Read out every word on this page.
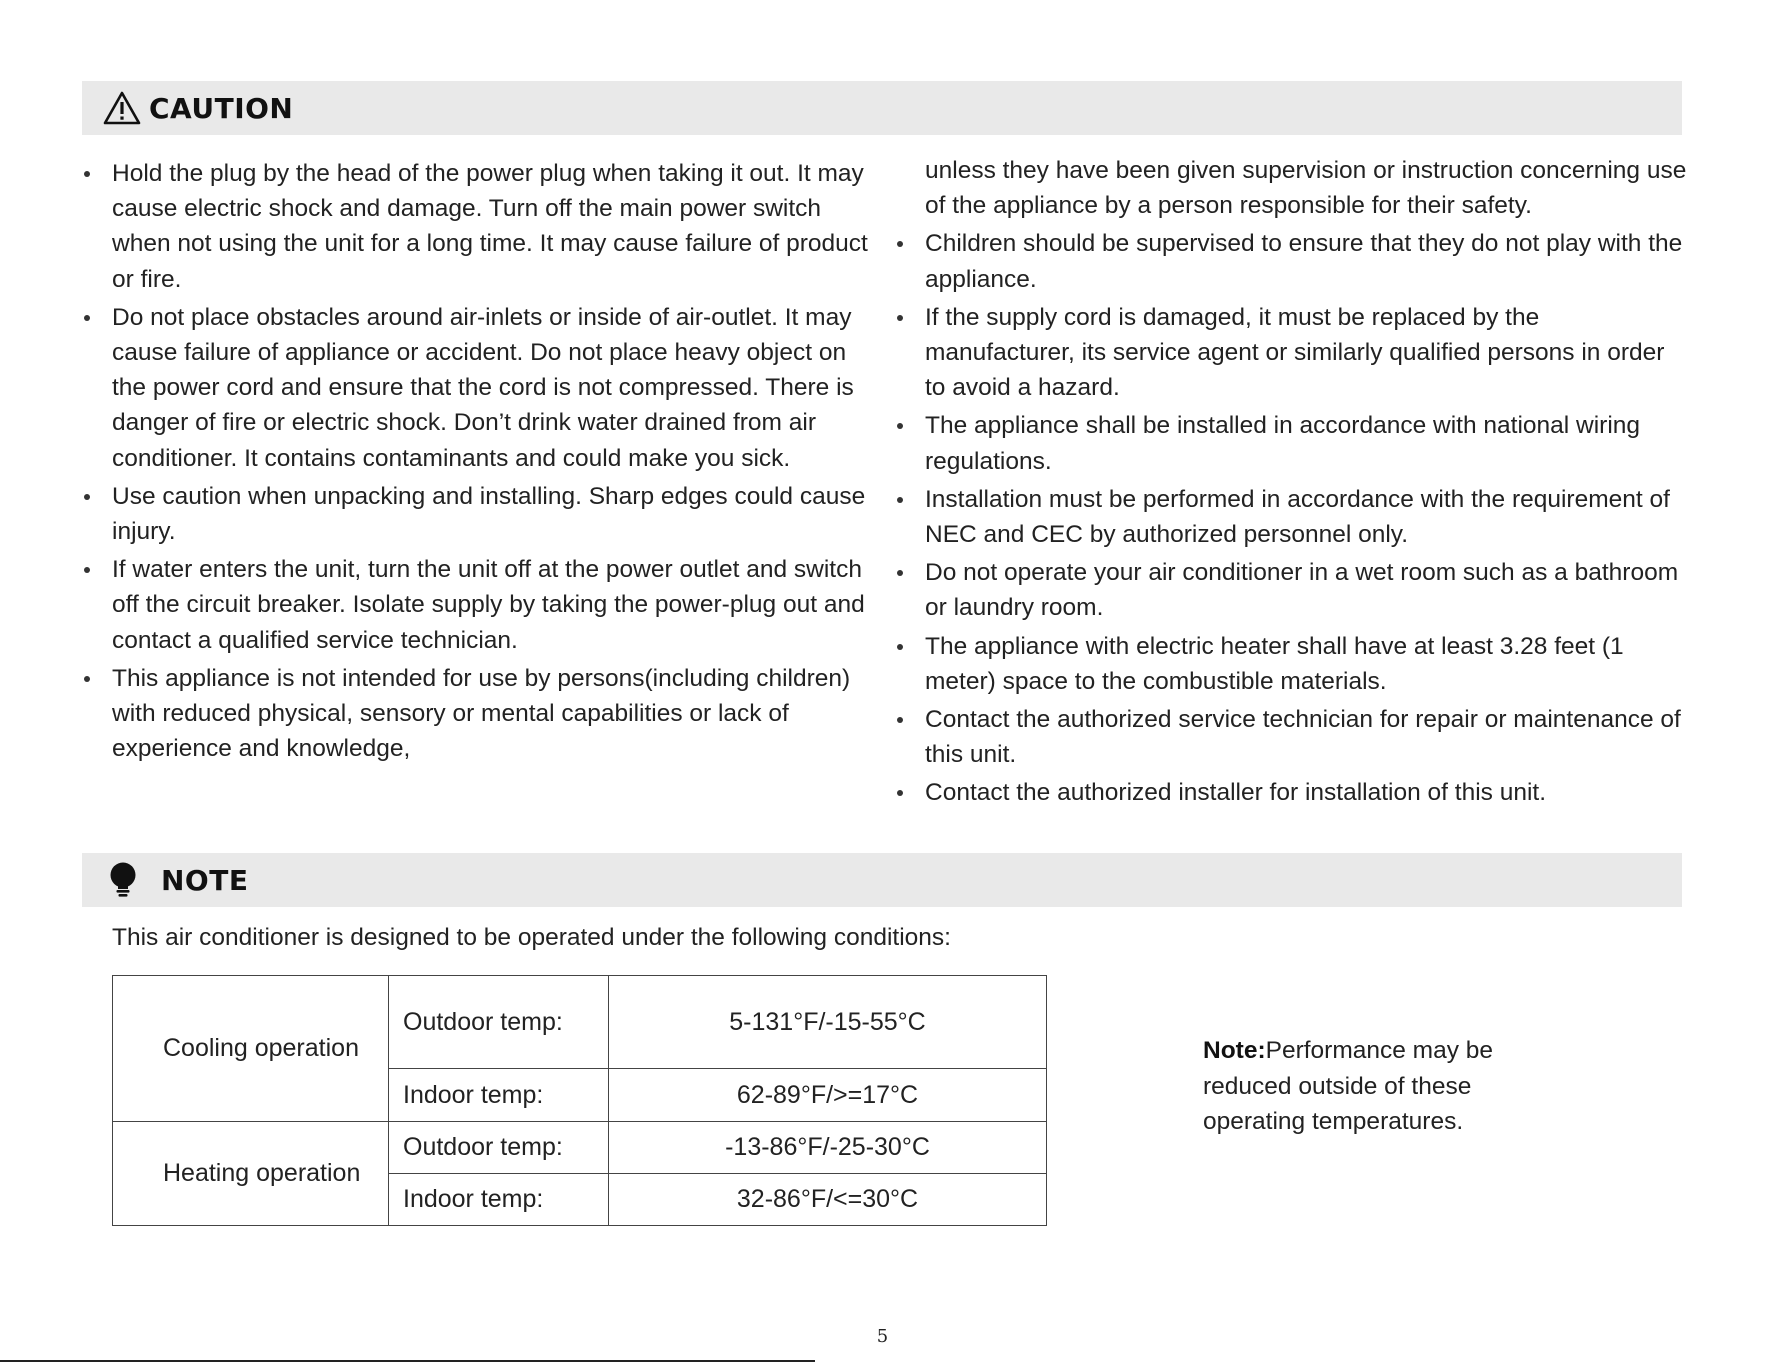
CAUTION
Hold the plug by the head of the power plug when taking it out. It may cause electric shock and damage. Turn off the main power switch when not using the unit for a long time. It may cause failure of product or fire.
Do not place obstacles around air-inlets or inside of air-outlet. It may cause failure of appliance or accident. Do not place heavy object on the power cord and ensure that the cord is not compressed. There is danger of fire or electric shock. Don’t drink water drained from air conditioner. It contains contaminants and could make you sick.
Use caution when unpacking and installing. Sharp edges could cause injury.
If water enters the unit, turn the unit off at the power outlet and switch off the circuit breaker. Isolate supply by taking the power-plug out and contact a qualified service technician.
This appliance is not intended for use by persons(including children) with reduced physical, sensory or mental capabilities or lack of experience and knowledge,
unless they have been given supervision or instruction concerning use of the appliance by a person responsible for their safety.
Children should be supervised to ensure that they do not play with the appliance.
If the supply cord is damaged, it must be replaced by the manufacturer, its service agent or similarly qualified persons in order to avoid a hazard.
The appliance shall be installed in accordance with national wiring regulations.
Installation must be performed in accordance with the requirement of NEC and CEC by authorized personnel only.
Do not operate your air conditioner in a wet room such as a bathroom or laundry room.
The appliance with electric heater shall have at least 3.28 feet (1 meter) space to the combustible materials.
Contact the authorized service technician for repair or maintenance of this unit.
Contact the authorized installer for installation of this unit.
NOTE
This air conditioner is designed to be operated under the following conditions:
Cooling operation	Outdoor temp:	5-131°F/-15-55°C
	Indoor temp:	62-89°F/>=17°C
Heating operation	Outdoor temp:	-13-86°F/-25-30°C
	Indoor temp:	32-86°F/<=30°C
Note:Performance may be reduced outside of these operating temperatures.
5
